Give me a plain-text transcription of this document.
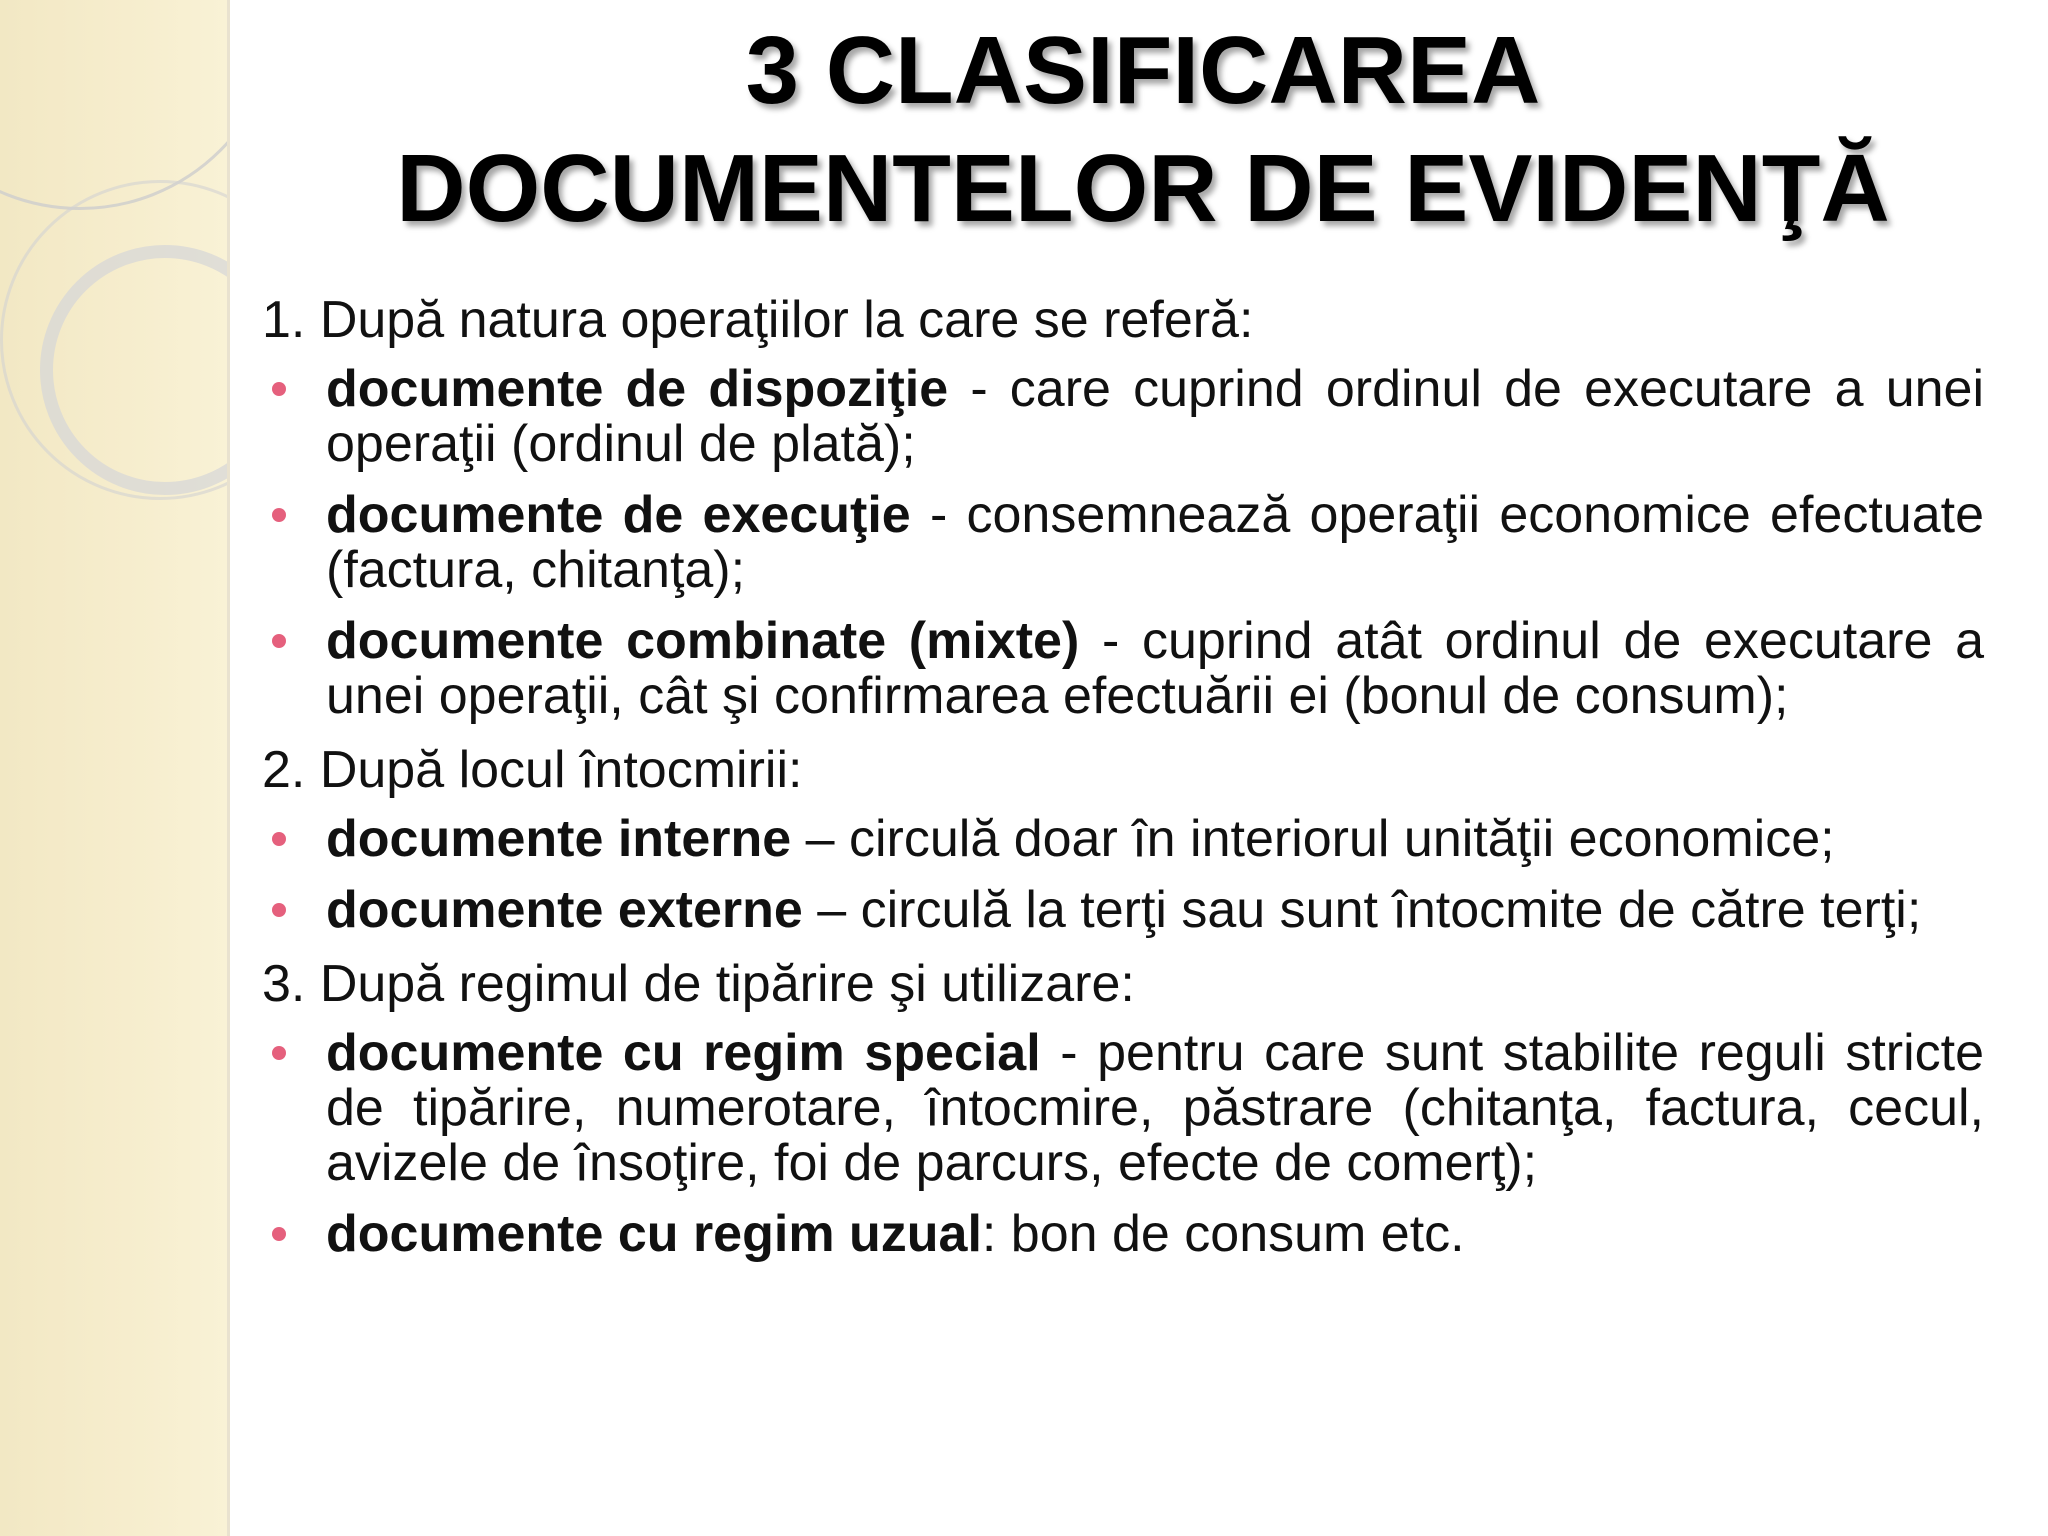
3 CLASIFICAREA
DOCUMENTELOR DE EVIDENŢĂ
1. După natura operaţiilor la care se referă:
documente de dispoziţie - care cuprind ordinul de executare a unei operaţii (ordinul de plată);
documente de execuţie - consemnează operaţii economice efectuate (factura, chitanţa);
documente combinate (mixte) - cuprind atât ordinul de executare a unei operaţii, cât şi confirmarea efectuării ei (bonul de consum);
2. După locul întocmirii:
documente interne – circulă doar în interiorul unităţii economice;
documente externe – circulă la terţi sau sunt întocmite de către terţi;
3. După regimul de tipărire şi utilizare:
documente cu regim special - pentru care sunt stabilite reguli stricte de tipărire, numerotare, întocmire, păstrare (chitanţa, factura, cecul, avizele de însoţire, foi de parcurs, efecte de comerţ);
documente cu regim uzual: bon de consum etc.
